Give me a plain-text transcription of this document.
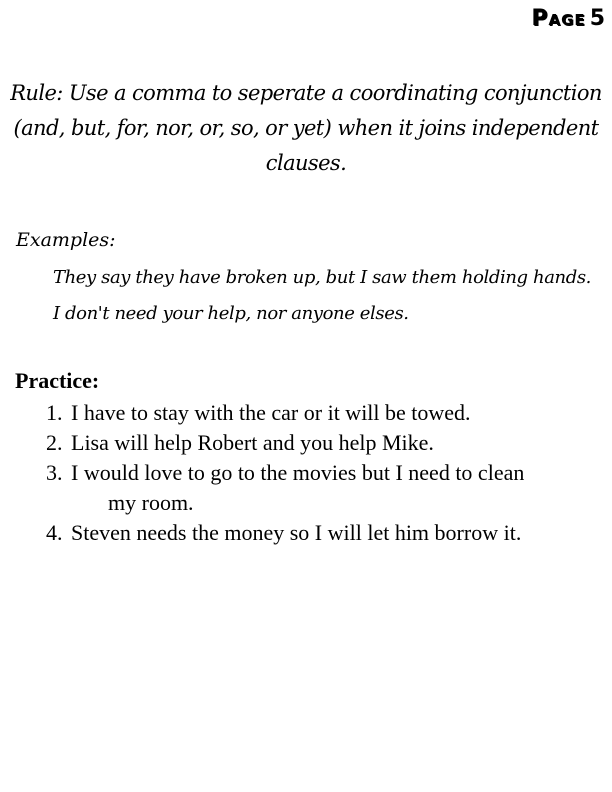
Page 5
Rule: Use a comma to seperate a coordinating conjunction
(and, but, for, nor, or, so, or yet) when it joins independent clauses.
Examples:
They say they have broken up, but I saw them holding hands.
I don't need your help, nor anyone elses.
Practice:
1. I have to stay with the car or it will be towed.
2. Lisa will help Robert and you help Mike.
3. I would love to go to the movies but I need to clean
my room.
4. Steven needs the money so I will let him borrow it.
